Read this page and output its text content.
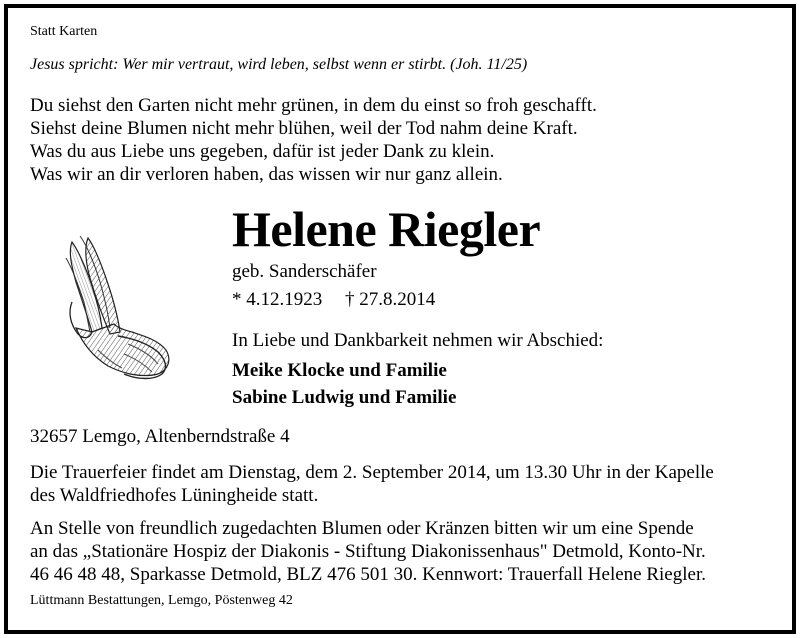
Statt Karten
Jesus spricht: Wer mir vertraut, wird leben, selbst wenn er stirbt. (Joh. 11/25)
Du siehst den Garten nicht mehr grünen, in dem du einst so froh geschafft.
Siehst deine Blumen nicht mehr blühen, weil der Tod nahm deine Kraft.
Was du aus Liebe uns gegeben, dafür ist jeder Dank zu klein.
Was wir an dir verloren haben, das wissen wir nur ganz allein.
Helene Riegler
geb. Sanderschäfer
* 4.12.1923 † 27.8.2014
In Liebe und Dankbarkeit nehmen wir Abschied:
Meike Klocke und Familie
Sabine Ludwig und Familie
32657 Lemgo, Altenberndstraße 4
Die Trauerfeier findet am Dienstag, dem 2. September 2014, um 13.30 Uhr in der Kapelle
des Waldfriedhofes Lüningheide statt.
An Stelle von freundlich zugedachten Blumen oder Kränzen bitten wir um eine Spende
an das „Stationäre Hospiz der Diakonis - Stiftung Diakonissenhaus" Detmold, Konto-Nr.
46 46 48 48, Sparkasse Detmold, BLZ 476 501 30. Kennwort: Trauerfall Helene Riegler.
Lüttmann Bestattungen, Lemgo, Pöstenweg 42
